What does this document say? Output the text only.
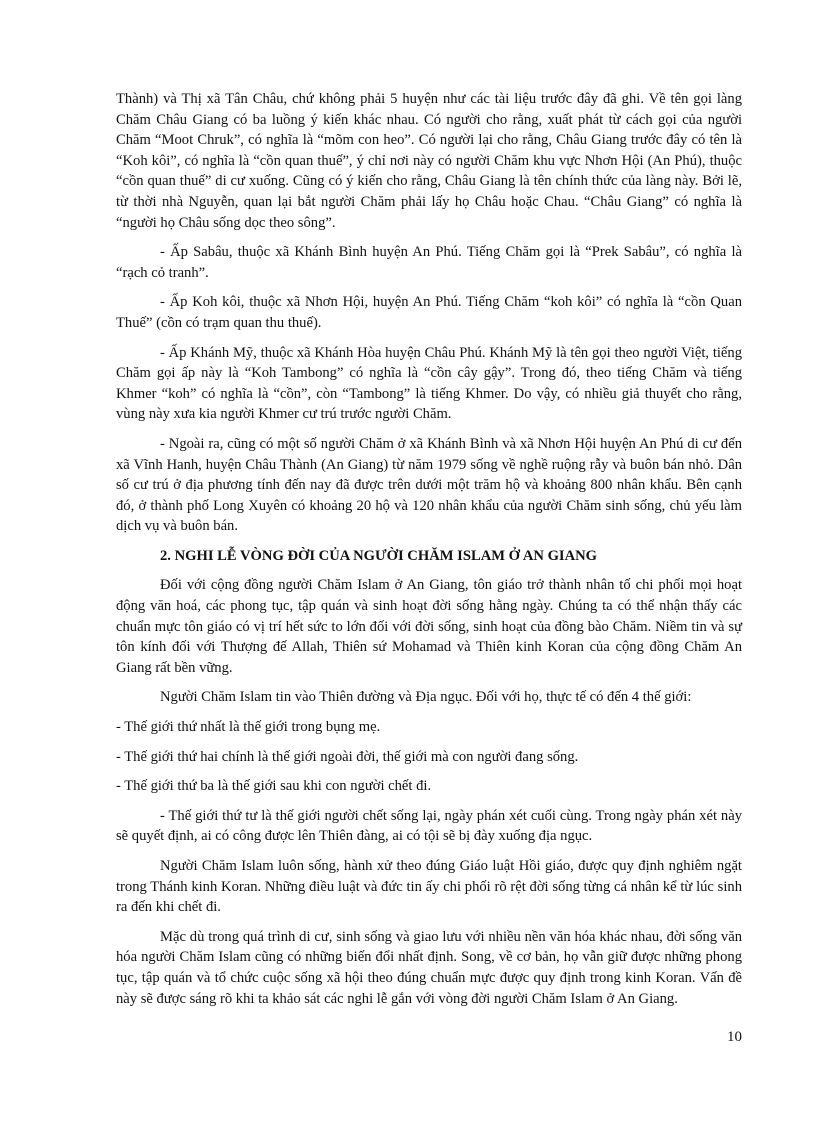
Thành) và Thị xã Tân Châu, chứ không phải 5 huyện như các tài liệu trước đây đã ghi. Về tên gọi làng Chăm Châu Giang có ba luồng ý kiến khác nhau. Có người cho rằng, xuất phát từ cách gọi của người Chăm “Moot Chruk”, có nghĩa là “mõm con heo”. Có người lại cho rằng, Châu Giang trước đây có tên là “Koh kôi”, có nghĩa là “cồn quan thuế”, ý chỉ nơi này có người Chăm khu vực Nhơn Hội (An Phú), thuộc “cồn quan thuế” di cư xuống. Cũng có ý kiến cho rằng, Châu Giang là tên chính thức của làng này. Bởi lẽ, từ thời nhà Nguyễn, quan lại bắt người Chăm phải lấy họ Châu hoặc Chau. “Châu Giang” có nghĩa là “người họ Châu sống dọc theo sông”.

- Ấp Sabâu, thuộc xã Khánh Bình huyện An Phú. Tiếng Chăm gọi là “Prek Sabâu”, có nghĩa là “rạch cỏ tranh”.

- Ấp Koh kôi, thuộc xã Nhơn Hội, huyện An Phú. Tiếng Chăm “koh kôi” có nghĩa là “cồn Quan Thuế” (cồn có trạm quan thu thuế).

- Ấp Khánh Mỹ, thuộc xã Khánh Hòa huyện Châu Phú. Khánh Mỹ là tên gọi theo người Việt, tiếng Chăm gọi ấp này là “Koh Tambong” có nghĩa là “cồn cây gậy”. Trong đó, theo tiếng Chăm và tiếng Khmer “koh” có nghĩa là “cồn”, còn “Tambong” là tiếng Khmer. Do vậy, có nhiều giả thuyết cho rằng, vùng này xưa kia người Khmer cư trú trước người Chăm.

- Ngoài ra, cũng có một số người Chăm ở xã Khánh Bình và xã Nhơn Hội huyện An Phú di cư đến xã Vĩnh Hanh, huyện Châu Thành (An Giang) từ năm 1979 sống về nghề ruộng rẫy và buôn bán nhỏ. Dân số cư trú ở địa phương tính đến nay đã được trên dưới một trăm hộ và khoảng 800 nhân khẩu. Bên cạnh đó, ở thành phố Long Xuyên có khoảng 20 hộ và 120 nhân khẩu của người Chăm sinh sống, chủ yếu làm dịch vụ và buôn bán.

2. NGHI LỄ VÒNG ĐỜI CỦA NGƯỜI CHĂM ISLAM Ở AN GIANG

Đối với cộng đồng người Chăm Islam ở An Giang, tôn giáo trở thành nhân tố chi phối mọi hoạt động văn hoá, các phong tục, tập quán và sinh hoạt đời sống hằng ngày. Chúng ta có thể nhận thấy các chuẩn mực tôn giáo có vị trí hết sức to lớn đối với đời sống, sinh hoạt của đồng bào Chăm. Niềm tin và sự tôn kính đối với Thượng đế Allah, Thiên sứ Mohamad và Thiên kinh Koran của cộng đồng Chăm An Giang rất bền vững.

Người Chăm Islam tin vào Thiên đường và Địa ngục. Đối với họ, thực tế có đến 4 thế giới:

- Thế giới thứ nhất là thế giới trong bụng mẹ.

- Thế giới thứ hai chính là thế giới ngoài đời, thế giới mà con người đang sống.

- Thế giới thứ ba là thế giới sau khi con người chết đi.

- Thế giới thứ tư là thế giới người chết sống lại, ngày phán xét cuối cùng. Trong ngày phán xét này sẽ quyết định, ai có công được lên Thiên đàng, ai có tội sẽ bị đày xuống địa ngục.

Người Chăm Islam luôn sống, hành xử theo đúng Giáo luật Hồi giáo, được quy định nghiêm ngặt trong Thánh kinh Koran. Những điều luật và đức tin ấy chi phối rõ rệt đời sống từng cá nhân kể từ lúc sinh ra đến khi chết đi.

Mặc dù trong quá trình di cư, sinh sống và giao lưu với nhiều nền văn hóa khác nhau, đời sống văn hóa người Chăm Islam cũng có những biến đổi nhất định. Song, về cơ bản, họ vẫn giữ được những phong tục, tập quán và tổ chức cuộc sống xã hội theo đúng chuẩn mực được quy định trong kinh Koran. Vấn đề này sẽ được sáng rõ khi ta khảo sát các nghi lễ gắn với vòng đời người Chăm Islam ở An Giang.

10
